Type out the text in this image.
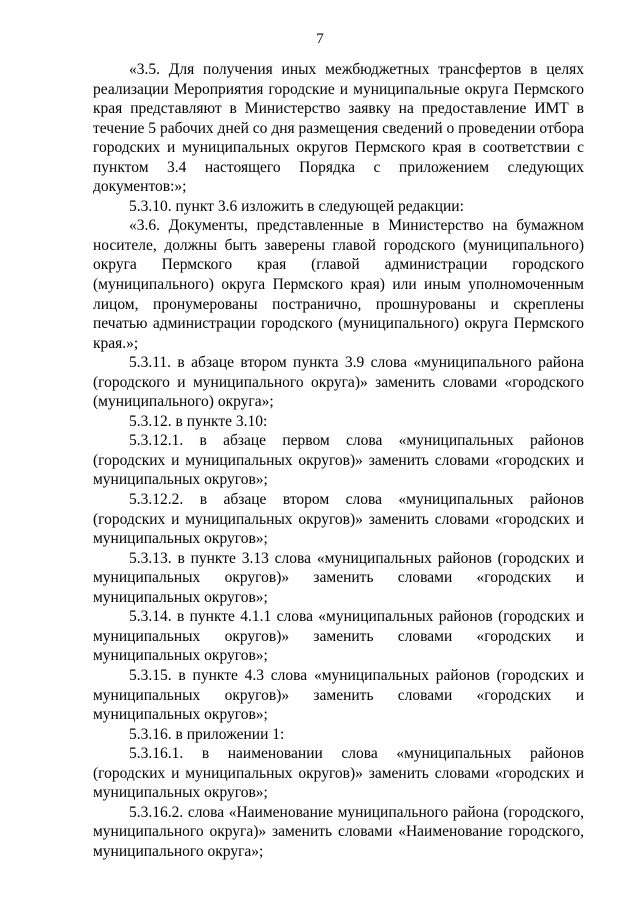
7

«3.5. Для получения иных межбюджетных трансфертов в целях реализации Мероприятия городские и муниципальные округа Пермского края представляют в Министерство заявку на предоставление ИМТ в течение 5 рабочих дней со дня размещения сведений о проведении отбора городских и муниципальных округов Пермского края в соответствии с пунктом 3.4 настоящего Порядка с приложением следующих документов:»;

5.3.10. пункт 3.6 изложить в следующей редакции:

«3.6. Документы, представленные в Министерство на бумажном носителе, должны быть заверены главой городского (муниципального) округа Пермского края (главой администрации городского (муниципального) округа Пермского края) или иным уполномоченным лицом, пронумерованы постранично, прошнурованы и скреплены печатью администрации городского (муниципального) округа Пермского края.»;

5.3.11. в абзаце втором пункта 3.9 слова «муниципального района (городского и муниципального округа)» заменить словами «городского (муниципального) округа»;

5.3.12. в пункте 3.10:

5.3.12.1. в абзаце первом слова «муниципальных районов (городских и муниципальных округов)» заменить словами «городских и муниципальных округов»;

5.3.12.2. в абзаце втором слова «муниципальных районов (городских и муниципальных округов)» заменить словами «городских и муниципальных округов»;

5.3.13. в пункте 3.13 слова «муниципальных районов (городских и муниципальных округов)» заменить словами «городских и муниципальных округов»;

5.3.14. в пункте 4.1.1 слова «муниципальных районов (городских и муниципальных округов)» заменить словами «городских и муниципальных округов»;

5.3.15. в пункте 4.3 слова «муниципальных районов (городских и муниципальных округов)» заменить словами «городских и муниципальных округов»;

5.3.16. в приложении 1:

5.3.16.1. в наименовании слова «муниципальных районов (городских и муниципальных округов)» заменить словами «городских и муниципальных округов»;

5.3.16.2. слова «Наименование муниципального района (городского, муниципального округа)» заменить словами «Наименование городского, муниципального округа»;
